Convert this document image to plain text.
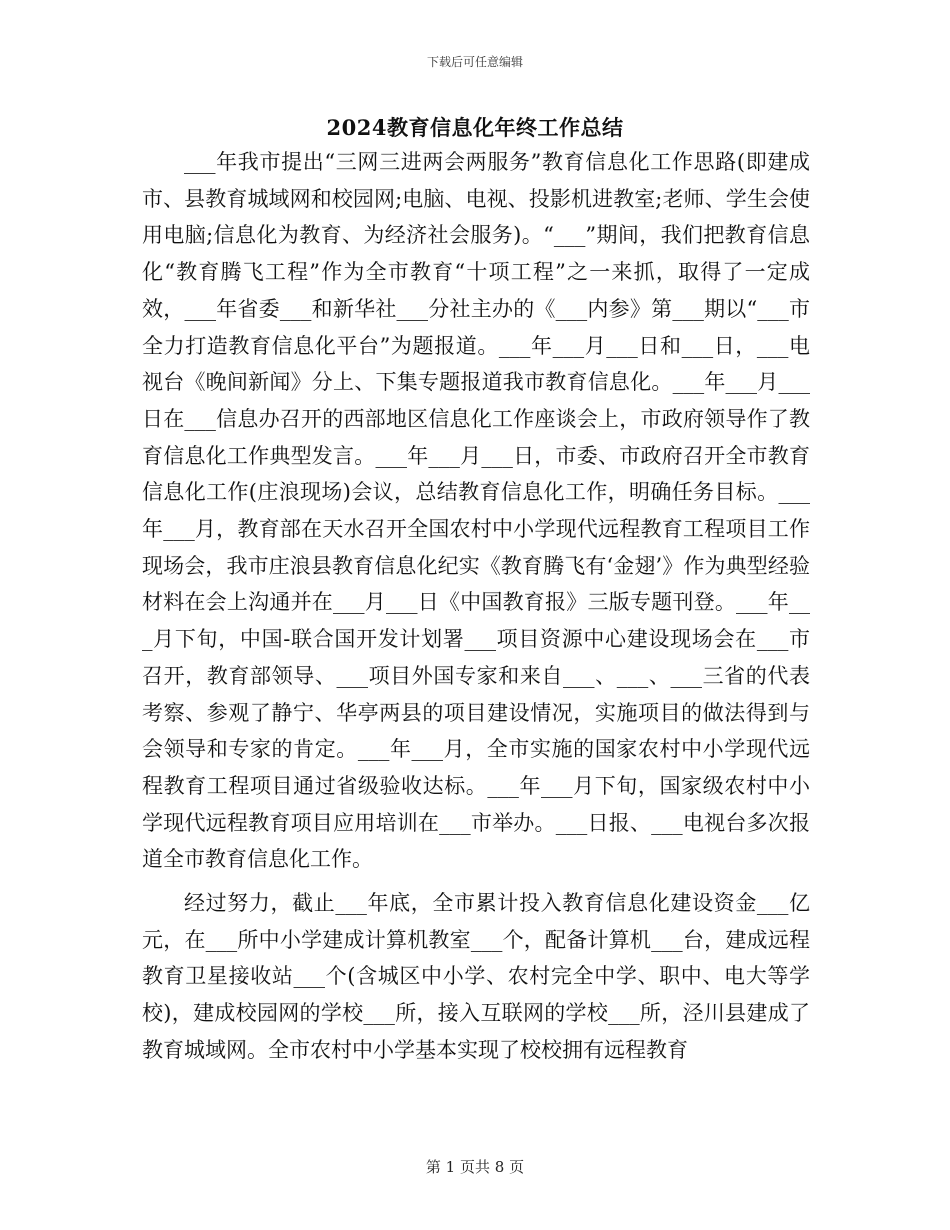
下载后可任意编辑
2024教育信息化年终工作总结

___年我市提出“三网三进两会两服务”教育信息化工作思路(即建成市、县教育城域网和校园网;电脑、电视、投影机进教室;老师、学生会使用电脑;信息化为教育、为经济社会服务)。“___”期间，我们把教育信息化“教育腾飞工程”作为全市教育“十项工程”之一来抓，取得了一定成效，___年省委___和新华社___分社主办的《___内参》第___期以“___市全力打造教育信息化平台”为题报道。___年___月___日和___日，___电视台《晚间新闻》分上、下集专题报道我市教育信息化。___年___月___日在___信息办召开的西部地区信息化工作座谈会上，市政府领导作了教育信息化工作典型发言。___年___月___日，市委、市政府召开全市教育信息化工作(庄浪现场)会议，总结教育信息化工作，明确任务目标。___年___月，教育部在天水召开全国农村中小学现代远程教育工程项目工作现场会，我市庄浪县教育信息化纪实《教育腾飞有‘金翅’》作为典型经验材料在会上沟通并在___月___日《中国教育报》三版专题刊登。___年___月下旬，中国-联合国开发计划署___项目资源中心建设现场会在___市召开，教育部领导、___项目外国专家和来自___、___、___三省的代表考察、参观了静宁、华亭两县的项目建设情况，实施项目的做法得到与会领导和专家的肯定。___年___月，全市实施的国家农村中小学现代远程教育工程项目通过省级验收达标。___年___月下旬，国家级农村中小学现代远程教育项目应用培训在___市举办。___日报、___电视台多次报道全市教育信息化工作。

经过努力，截止___年底，全市累计投入教育信息化建设资金___亿元，在___所中小学建成计算机教室___个，配备计算机___台，建成远程教育卫星接收站___个(含城区中小学、农村完全中学、职中、电大等学校)，建成校园网的学校___所，接入互联网的学校___所，泾川县建成了教育城域网。全市农村中小学基本实现了校校拥有远程教育

第 1 页共 8 页
